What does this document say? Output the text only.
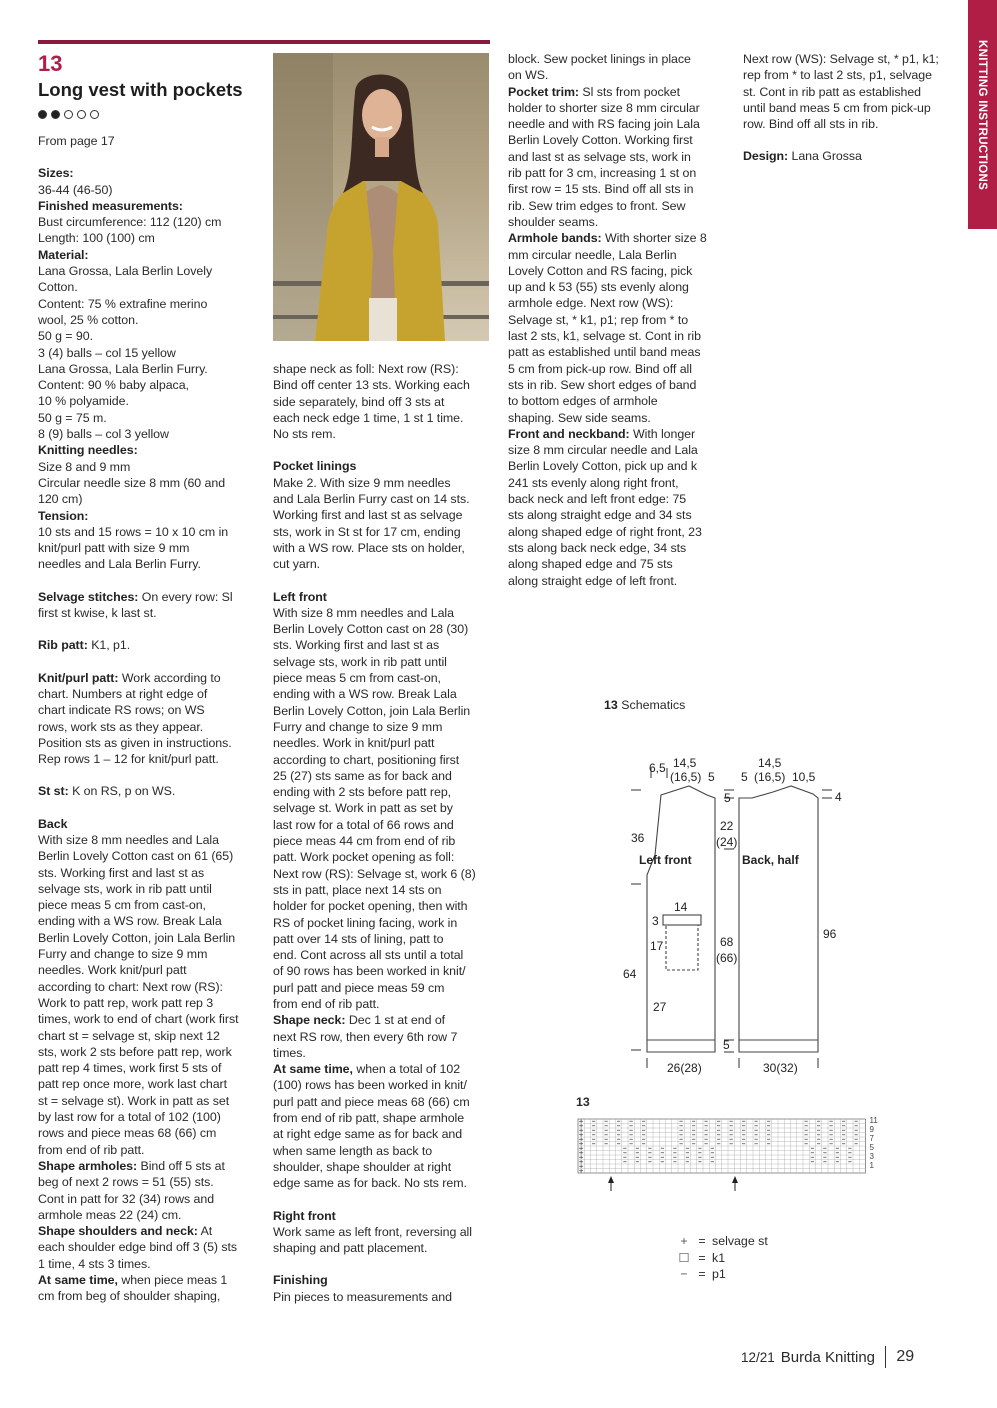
KNITTING INSTRUCTIONS
13
Long vest with pockets

From page 17

Sizes:

36-44 (46-50)

Finished measurements:

Bust circumference: 112 (120) cm

Length: 100 (100) cm

Material:

Lana Grossa, Lala Berlin Lovely

Cotton.

Content: 75 % extrafine merino

wool, 25 % cotton.

50 g = 90.

3 (4) balls – col 15 yellow

Lana Grossa, Lala Berlin Furry.

Content: 90 % baby alpaca,

10 % polyamide.

50 g = 75 m.

8 (9) balls – col 3 yellow

Knitting needles:

Size 8 and 9 mm

Circular needle size 8 mm (60 and

120 cm)

Tension:

10 sts and 15 rows = 10 x 10 cm in

knit/purl patt with size 9 mm

needles and Lala Berlin Furry.

Selvage stitches: On every row: Sl

first st kwise, k last st.

Rib patt: K1, p1.

Knit/purl patt: Work according to

chart. Numbers at right edge of

chart indicate RS rows; on WS

rows, work sts as they appear.

Position sts as given in instructions.

Rep rows 1 – 12 for knit/purl patt.

St st: K on RS, p on WS.

Back

With size 8 mm needles and Lala

Berlin Lovely Cotton cast on 61 (65)

sts. Working first and last st as

selvage sts, work in rib patt until

piece meas 5 cm from cast-on,

ending with a WS row. Break Lala

Berlin Lovely Cotton, join Lala Berlin

Furry and change to size 9 mm

needles. Work knit/purl patt

according to chart: Next row (RS):

Work to patt rep, work patt rep 3

times, work to end of chart (work first

chart st = selvage st, skip next 12

sts, work 2 sts before patt rep, work

patt rep 4 times, work first 5 sts of

patt rep once more, work last chart

st = selvage st). Work in patt as set

by last row for a total of 102 (100)

rows and piece meas 68 (66) cm

from end of rib patt.

Shape armholes: Bind off 5 sts at

beg of next 2 rows = 51 (55) sts.

Cont in patt for 32 (34) rows and

armhole meas 22 (24) cm.

Shape shoulders and neck: At

each shoulder edge bind off 3 (5) sts

1 time, 4 sts 3 times.

At same time, when piece meas 1

cm from beg of shoulder shaping,

shape neck as foll: Next row (RS):

Bind off center 13 sts. Working each

side separately, bind off 3 sts at

each neck edge 1 time, 1 st 1 time.

No sts rem.

Pocket linings

Make 2. With size 9 mm needles

and Lala Berlin Furry cast on 14 sts.

Working first and last st as selvage

sts, work in St st for 17 cm, ending

with a WS row. Place sts on holder,

cut yarn.

Left front

With size 8 mm needles and Lala

Berlin Lovely Cotton cast on 28 (30)

sts. Working first and last st as

selvage sts, work in rib patt until

piece meas 5 cm from cast-on,

ending with a WS row. Break Lala

Berlin Lovely Cotton, join Lala Berlin

Furry and change to size 9 mm

needles. Work in knit/purl patt

according to chart, positioning first

25 (27) sts same as for back and

ending with 2 sts before patt rep,

selvage st. Work in patt as set by

last row for a total of 66 rows and

piece meas 44 cm from end of rib

patt. Work pocket opening as foll:

Next row (RS): Selvage st, work 6 (8)

sts in patt, place next 14 sts on

holder for pocket opening, then with

RS of pocket lining facing, work in

patt over 14 sts of lining, patt to

end. Cont across all sts until a total

of 90 rows has been worked in knit/

purl patt and piece meas 59 cm

from end of rib patt.

Shape neck: Dec 1 st at end of

next RS row, then every 6th row 7

times.

At same time, when a total of 102

(100) rows has been worked in knit/

purl patt and piece meas 68 (66) cm

from end of rib patt, shape armhole

at right edge same as for back and

when same length as back to

shoulder, shape shoulder at right

edge same as for back. No sts rem.

Right front

Work same as left front, reversing all

shaping and patt placement.

Finishing

Pin pieces to measurements and

block. Sew pocket linings in place

on WS.

Pocket trim: Sl sts from pocket

holder to shorter size 8 mm circular

needle and with RS facing join Lala

Berlin Lovely Cotton. Working first

and last st as selvage sts, work in

rib patt for 3 cm, increasing 1 st on

first row = 15 sts. Bind off all sts in

rib. Sew trim edges to front. Sew

shoulder seams.

Armhole bands: With shorter size 8

mm circular needle, Lala Berlin

Lovely Cotton and RS facing, pick

up and k 53 (55) sts evenly along

armhole edge. Next row (WS):

Selvage st, * k1, p1; rep from * to

last 2 sts, k1, selvage st. Cont in rib

patt as established until band meas

5 cm from pick-up row. Bind off all

sts in rib. Sew short edges of band

to bottom edges of armhole

shaping. Sew side seams.

Front and neckband: With longer

size 8 mm circular needle and Lala

Berlin Lovely Cotton, pick up and k

241 sts evenly along right front,

back neck and left front edge: 75

sts along straight edge and 34 sts

along shaped edge of right front, 23

sts along back neck edge, 34 sts

along shaped edge and 75 sts

along straight edge of left front.

Next row (WS): Selvage st, * p1, k1;

rep from * to last 2 sts, p1, selvage

st. Cont in rib patt as established

until band meas 5 cm from pick-up

row. Bind off all sts in rib.

Design: Lana Grossa

13 Schematics
6,5 14,5
(16,5) 5
14,5
5 (16,5) 10,5
5	4
36
22
(24)
Left front	Back, half
14
3
17	68
(66)
96
64
27
5
26(28)	30(32)
13
11
9
7
5
3
1
+ = selvage st
☐ = k1
− = p1
12/21 Burda Knitting 29
